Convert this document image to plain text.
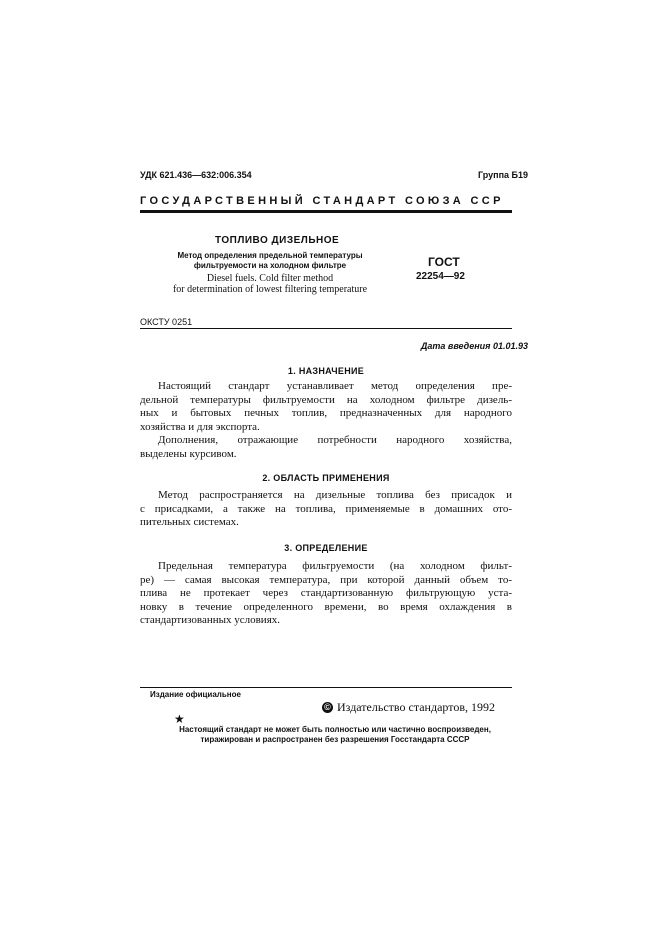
УДК 621.436—632:006.354	Группа Б19
ГОСУДАРСТВЕННЫЙ СТАНДАРТ СОЮЗА ССР
ТОПЛИВО ДИЗЕЛЬНОЕ
Метод определения предельной температуры
фильтруемости на холодном фильтре
Diesel fuels. Cold filter method
for determination of lowest filtering temperature
ГОСТ
22254—92
ОКСТУ 0251
Дата введения 01.01.93
1. НАЗНАЧЕНИЕ
Настоящий стандарт устанавливает метод определения пре-
дельной температуры фильтруемости на холодном фильтре дизель-
ных и бытовых печных топлив, предназначенных для народного
хозяйства и для экспорта.
Дополнения, отражающие потребности народного хозяйства,
выделены курсивом.
2. ОБЛАСТЬ ПРИМЕНЕНИЯ
Метод распространяется на дизельные топлива без присадок и
с присадками, а также на топлива, применяемые в домашних ото-
пительных системах.
3. ОПРЕДЕЛЕНИЕ
Предельная температура фильтруемости (на холодном фильт-
ре) — самая высокая температура, при которой данный объем то-
плива не протекает через стандартизованную фильтрующую уста-
новку в течение определенного времени, во время охлаждения в
стандартизованных условиях.
Издание официальное
© Издательство стандартов, 1992
★
Настоящий стандарт не может быть полностью или частично воспроизведен,
тиражирован и распространен без разрешения Госстандарта СССР
